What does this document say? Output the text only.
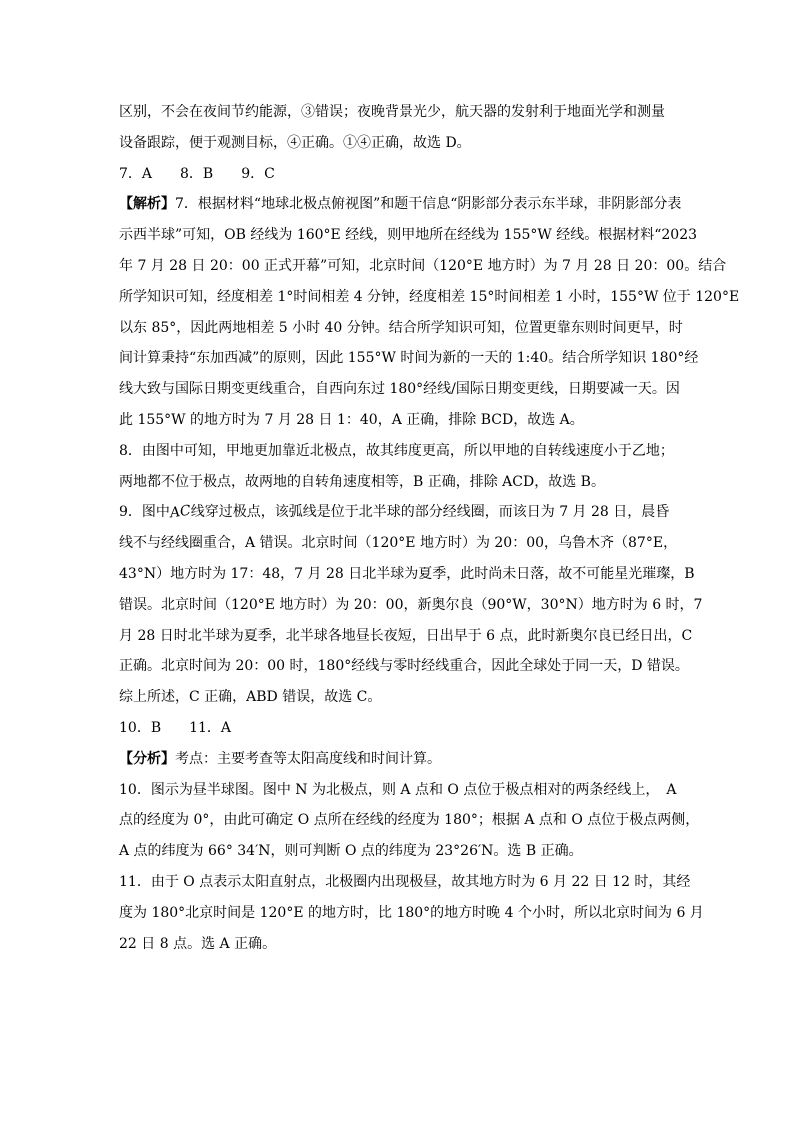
区别，不会在夜间节约能源，③错误；夜晚背景光少，航天器的发射利于地面光学和测量
设备跟踪，便于观测目标，④正确。①④正确，故选 D。
7．A　　8．B　　9．C
【解析】7．根据材料“地球北极点俯视图”和题干信息“阴影部分表示东半球，非阴影部分表
示西半球”可知，OB 经线为 160°E 经线，则甲地所在经线为 155°W 经线。根据材料“2023
年 7 月 28 日 20：00 正式开幕”可知，北京时间（120°E 地方时）为 7 月 28 日 20：00。结合
所学知识可知，经度相差 1°时间相差 4 分钟，经度相差 15°时间相差 1 小时，155°W 位于 120°E
以东 85°，因此两地相差 5 小时 40 分钟。结合所学知识可知，位置更靠东则时间更早，时
间计算秉持“东加西减”的原则，因此 155°W 时间为新的一天的 1:40。结合所学知识 180°经
线大致与国际日期变更线重合，自西向东过 180°经线/国际日期变更线，日期要减一天。因
此 155°W 的地方时为 7 月 28 日 1：40，A 正确，排除 BCD，故选 A。
8．由图中可知，甲地更加靠近北极点，故其纬度更高，所以甲地的自转线速度小于乙地；
两地都不位于极点，故两地的自转角速度相等，B 正确，排除 ACD，故选 B。
9．图中AC线穿过极点，该弧线是位于北半球的部分经线圈，而该日为 7 月 28 日，晨昏
线不与经线圈重合，A 错误。北京时间（120°E 地方时）为 20：00，乌鲁木齐（87°E，
43°N）地方时为 17：48，7 月 28 日北半球为夏季，此时尚未日落，故不可能星光璀璨，B
错误。北京时间（120°E 地方时）为 20：00，新奥尔良（90°W，30°N）地方时为 6 时，7
月 28 日时北半球为夏季，北半球各地昼长夜短，日出早于 6 点，此时新奥尔良已经日出，C
正确。北京时间为 20：00 时，180°经线与零时经线重合，因此全球处于同一天，D 错误。
综上所述，C 正确，ABD 错误，故选 C。
10．B　　11．A
【分析】考点：主要考查等太阳高度线和时间计算。
10．图示为昼半球图。图中 N 为北极点，则 A 点和 O 点位于极点相对的两条经线上，　A
点的经度为 0°，由此可确定 O 点所在经线的经度为 180°；根据 A 点和 O 点位于极点两侧，
A 点的纬度为 66° 34′N，则可判断 O 点的纬度为 23°26′N。选 B 正确。
11．由于 O 点表示太阳直射点，北极圈内出现极昼，故其地方时为 6 月 22 日 12 时，其经
度为 180°北京时间是 120°E 的地方时，比 180°的地方时晚 4 个小时，所以北京时间为 6 月
22 日 8 点。选 A 正确。
